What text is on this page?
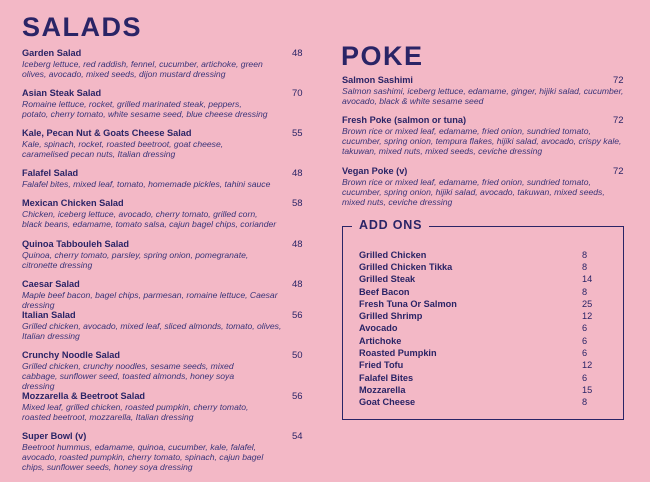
SALADS
Garden Salad	48
Iceberg lettuce, red raddish, fennel, cucumber, artichoke, green olives, avocado, mixed seeds, dijon mustard dressing
Asian Steak Salad	70
Romaine lettuce, rocket, grilled marinated steak, peppers, potato, cherry tomato, white sesame seed, blue cheese dressing
Kale, Pecan Nut & Goats Cheese Salad	55
Kale, spinach, rocket, roasted beetroot, goat cheese, caramelised pecan nuts, Italian dressing
Falafel Salad	48
Falafel bites, mixed leaf, tomato, homemade pickles, tahini sauce
Mexican Chicken Salad	58
Chicken, iceberg lettuce, avocado, cherry tomato, grilled corn, black beans, edamame, tomato salsa, cajun bagel chips, coriander
Quinoa Tabbouleh Salad	48
Quinoa, cherry tomato, parsley, spring onion, pomegranate, citronette dressing
Caesar Salad	48
Maple beef bacon, bagel chips, parmesan, romaine lettuce, Caesar dressing
Italian Salad	56
Grilled chicken, avocado, mixed leaf, sliced almonds, tomato, olives, Italian dressing
Crunchy Noodle Salad	50
Grilled chicken, crunchy noodles, sesame seeds, mixed cabbage, sunflower seed, toasted almonds, honey soya dressing
Mozzarella & Beetroot Salad	56
Mixed leaf, grilled chicken, roasted pumpkin, cherry tomato, roasted beetroot, mozzarella, Italian dressing
Super Bowl (v)	54
Beetroot hummus, edamame, quinoa, cucumber, kale, falafel, avocado, roasted pumpkin, cherry tomato, spinach, cajun bagel chips, sunflower seeds, honey soya dressing
POKE
Salmon Sashimi	72
Salmon sashimi, iceberg lettuce, edamame, ginger, hijiki salad, cucumber, avocado, black & white sesame seed
Fresh Poke (salmon or tuna)	72
Brown rice or mixed leaf, edamame, fried onion, sundried tomato, cucumber, spring onion, tempura flakes, hijiki salad, avocado, crispy kale, takuwan, mixed nuts, mixed seeds, ceviche dressing
Vegan Poke (v)	72
Brown rice or mixed leaf, edamame, fried onion, sundried tomato, cucumber, spring onion, hijiki salad, avocado, takuwan, mixed seeds, mixed nuts, ceviche dressing
ADD ONS
Grilled Chicken	8
Grilled Chicken Tikka	8
Grilled Steak	14
Beef Bacon	8
Fresh Tuna Or Salmon	25
Grilled Shrimp	12
Avocado	6
Artichoke	6
Roasted Pumpkin	6
Fried Tofu	12
Falafel Bites	6
Mozzarella	15
Goat Cheese	8
